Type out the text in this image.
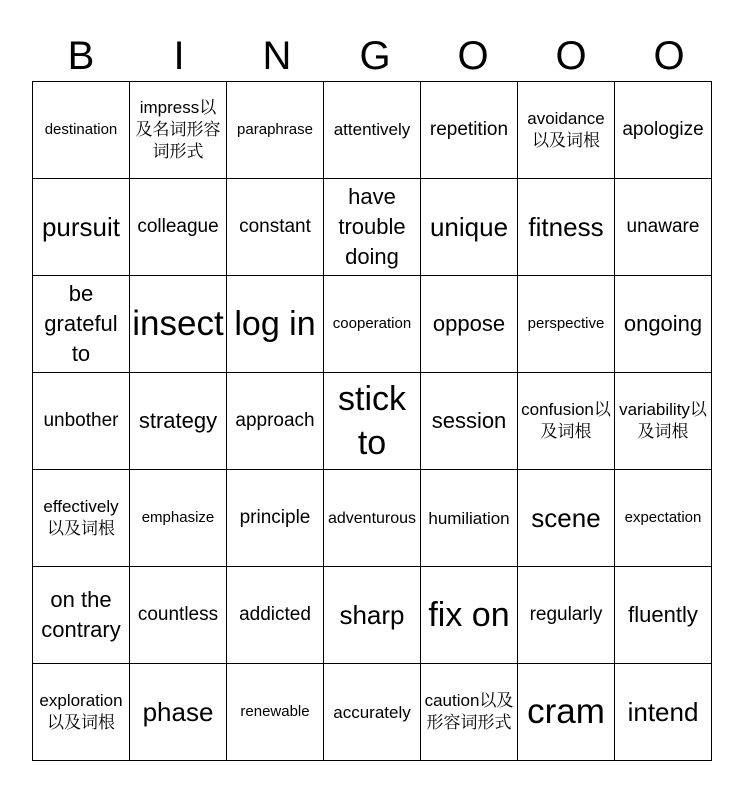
B	I	N	G	O	O	O
destination	impress以及名词形容词形式	paraphrase	attentively	repetition	avoidance以及词根	apologize
pursuit	colleague	constant	have trouble doing	unique	fitness	unaware
be grateful to	insect	log in	cooperation	oppose	perspective	ongoing
unbother	strategy	approach	stick to	session	confusion以及词根	variability以及词根
effectively以及词根	emphasize	principle	adventurous	humiliation	scene	expectation
on the contrary	countless	addicted	sharp	fix on	regularly	fluently
exploration以及词根	phase	renewable	accurately	caution以及形容词形式	cram	intend
